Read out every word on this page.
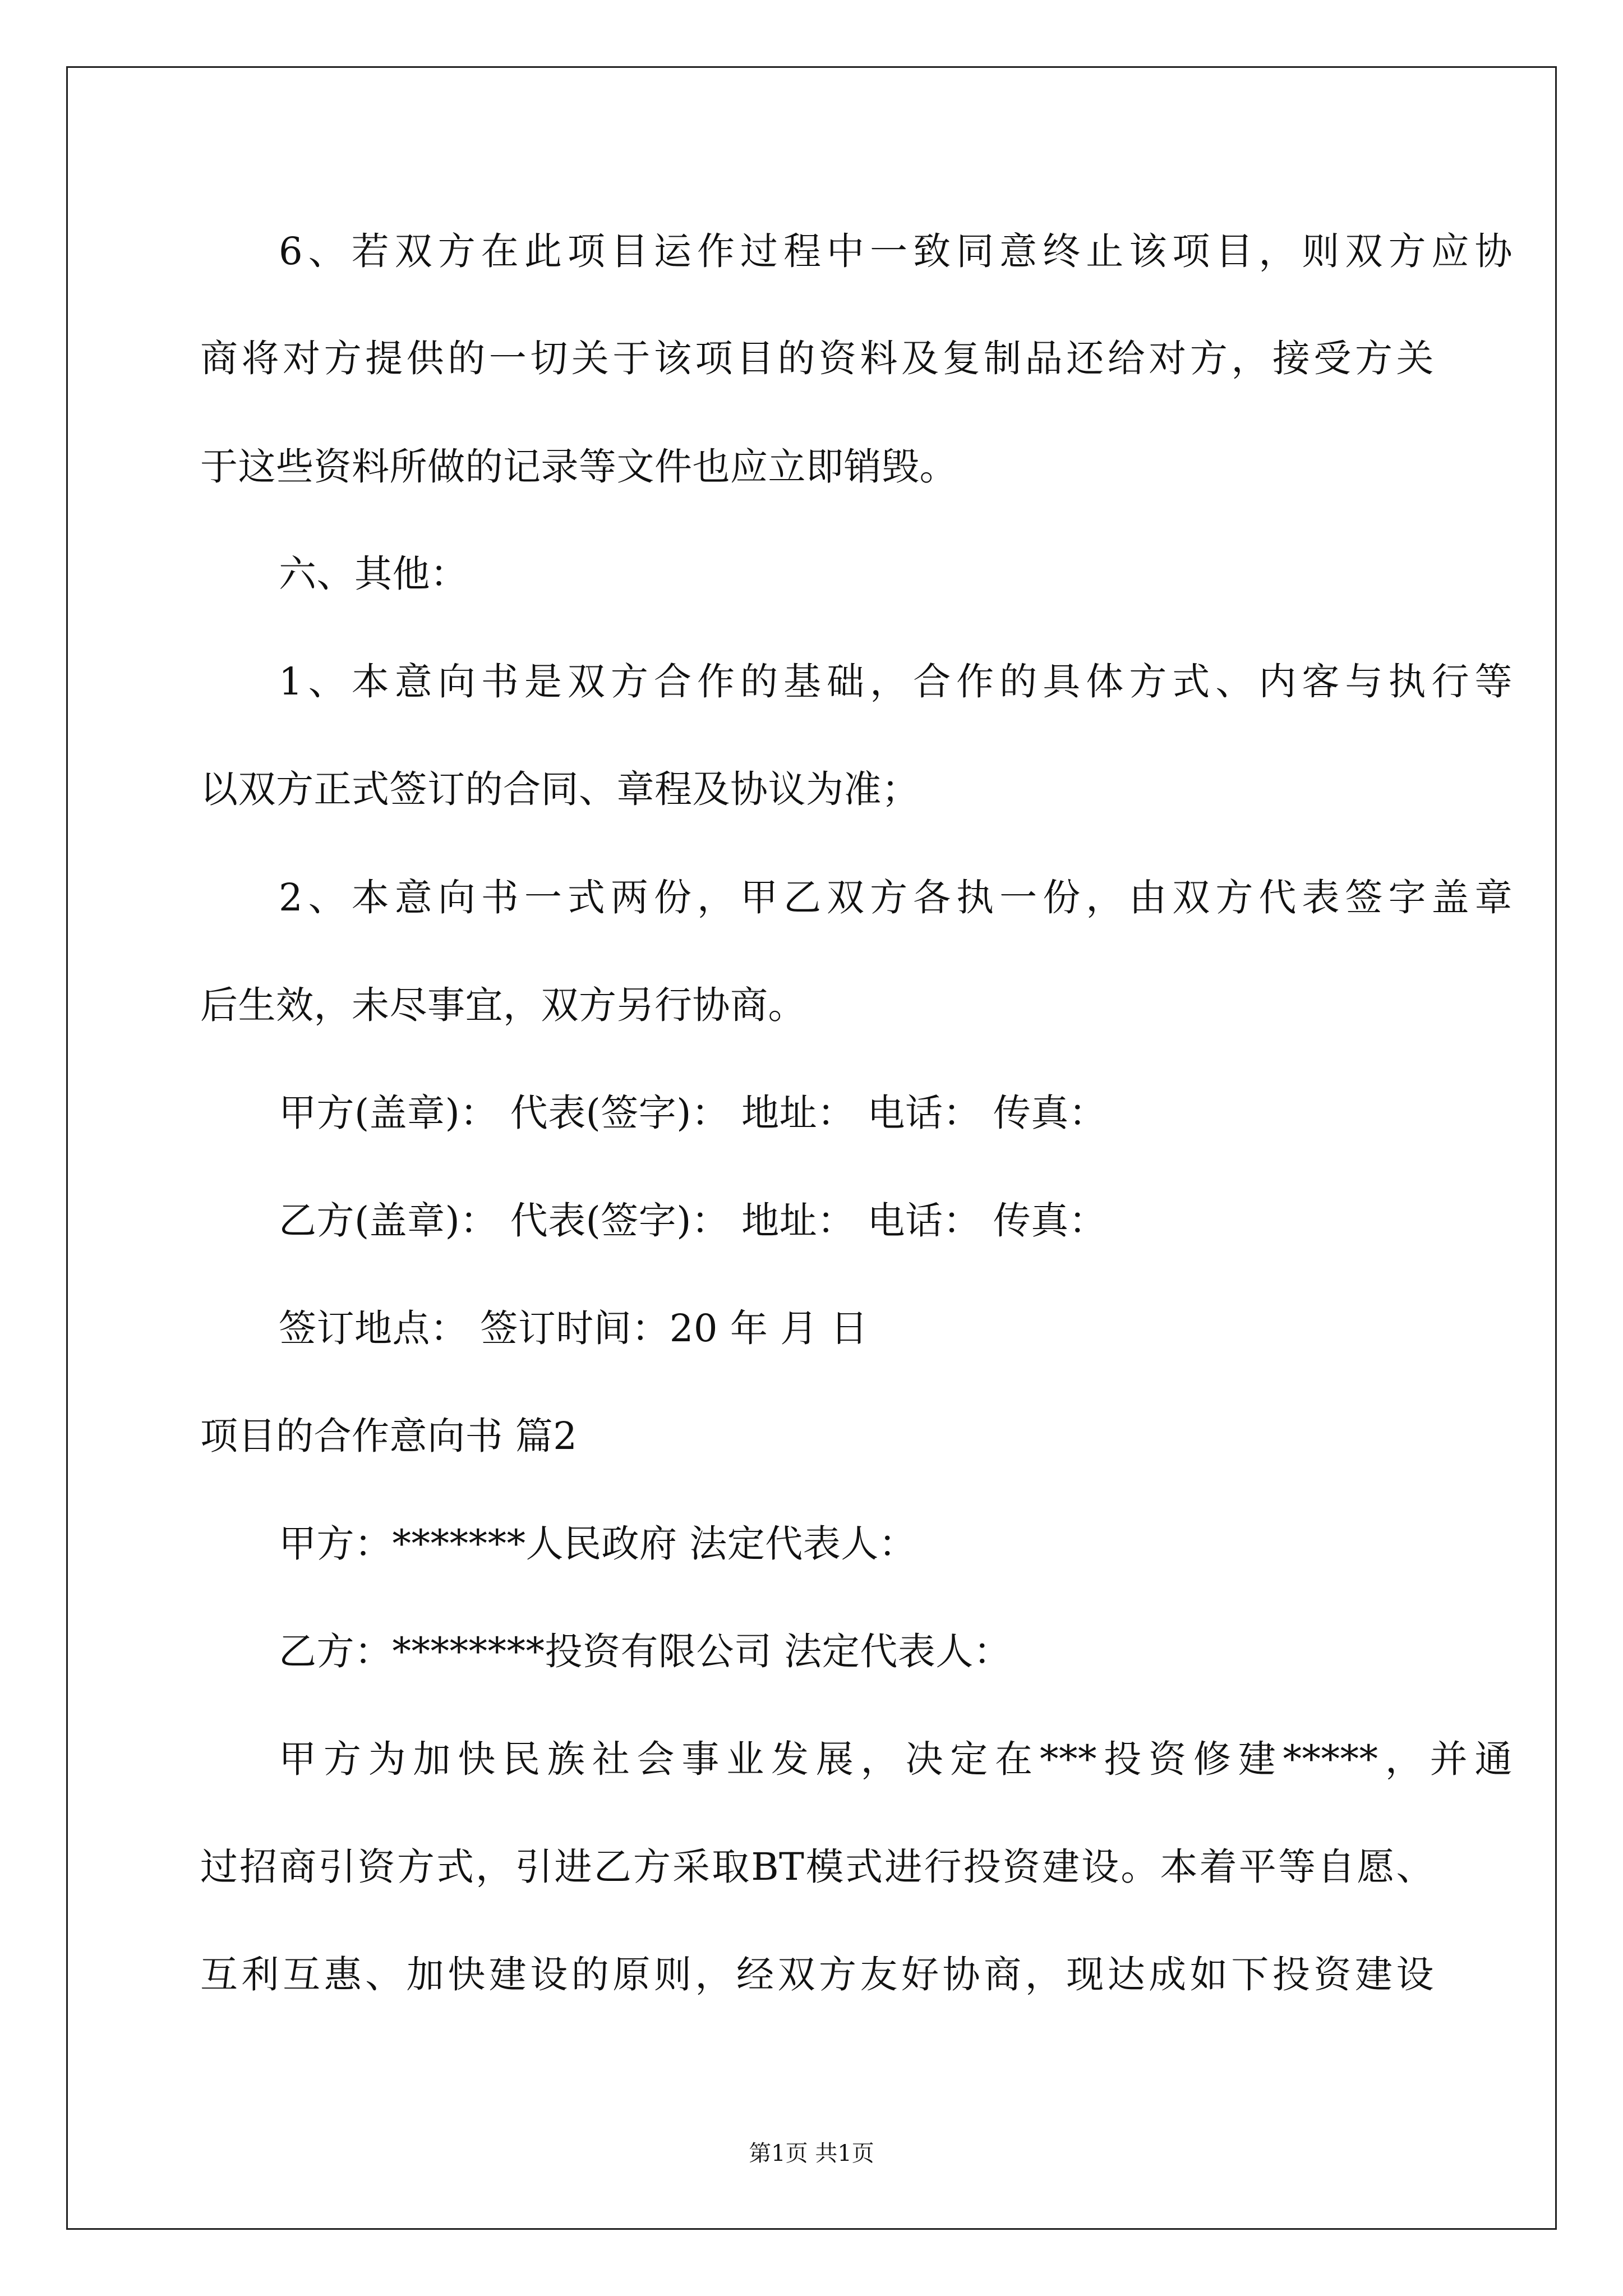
6、若双方在此项目运作过程中一致同意终止该项目，则双方应协
商将对方提供的一切关于该项目的资料及复制品还给对方，接受方关
于这些资料所做的记录等文件也应立即销毁。
六、其他：
1、本意向书是双方合作的基础，合作的具体方式、内客与执行等
以双方正式签订的合同、章程及协议为准；
2、本意向书一式两份，甲乙双方各执一份，由双方代表签字盖章
后生效，未尽事宜，双方另行协商。
甲方(盖章)： 代表(签字)： 地址： 电话： 传真：
乙方(盖章)： 代表(签字)： 地址： 电话： 传真：
签订地点： 签订时间：20 年 月 日
项目的合作意向书 篇2
甲方：*******人民政府 法定代表人：
乙方：********投资有限公司 法定代表人：
甲方为加快民族社会事业发展，决定在***投资修建*****，并通
过招商引资方式，引进乙方采取BT模式进行投资建设。本着平等自愿、
互利互惠、加快建设的原则，经双方友好协商，现达成如下投资建设
第1页 共1页
